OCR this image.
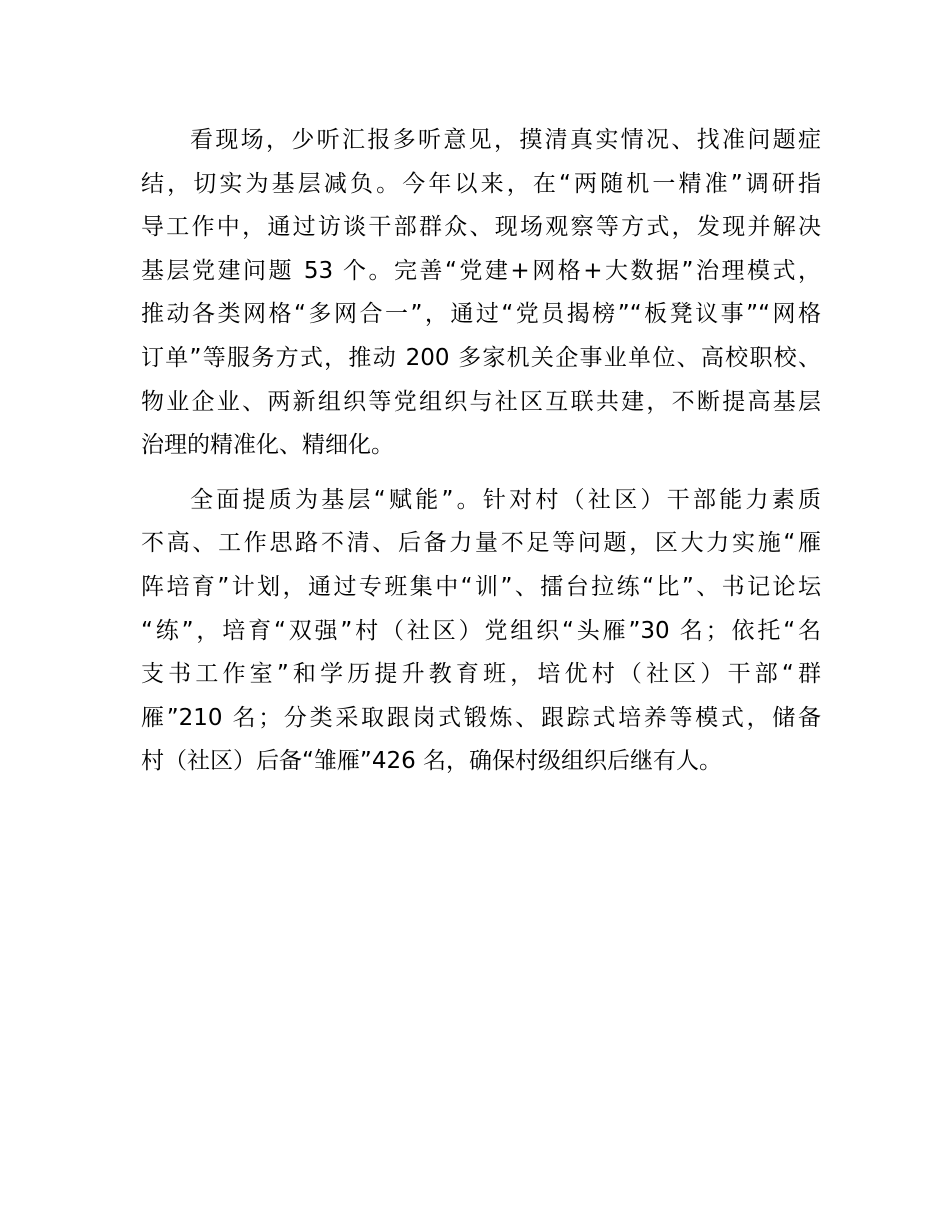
看现场，少听汇报多听意见，摸清真实情况、找准问题症
结，切实为基层减负。今年以来，在“两随机一精准”调研指
导工作中，通过访谈干部群众、现场观察等方式，发现并解决
基层党建问题 53 个。完善“党建+网格+大数据”治理模式，
推动各类网格“多网合一”，通过“党员揭榜”“板凳议事”“网格
订单”等服务方式，推动 200 多家机关企事业单位、高校职校、
物业企业、两新组织等党组织与社区互联共建，不断提高基层
治理的精准化、精细化。
全面提质为基层“赋能”。针对村（社区）干部能力素质
不高、工作思路不清、后备力量不足等问题，区大力实施“雁
阵培育”计划，通过专班集中“训”、擂台拉练“比”、书记论坛
“练”，培育“双强”村（社区）党组织“头雁”30 名；依托“名
支书工作室”和学历提升教育班，培优村（社区）干部“群
雁”210 名；分类采取跟岗式锻炼、跟踪式培养等模式，储备
村（社区）后备“雏雁”426 名，确保村级组织后继有人。
